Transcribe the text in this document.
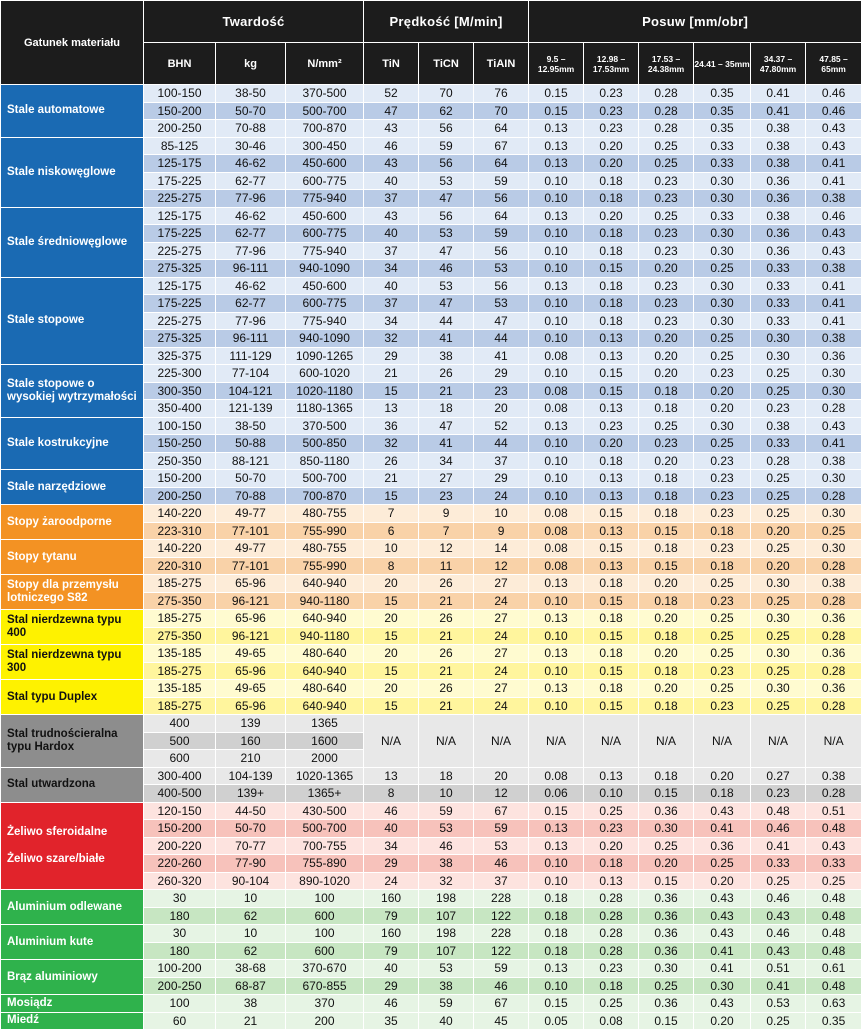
Gatunek materiału	Twardość			Prędkość [M/min]			Posuw [mm/obr]					
	BHN	kg	N/mm²	TiN	TiCN	TiAIN	9.5 – 12.95mm	12.98 – 17.53mm	17.53 – 24.38mm	24.41 – 35mm	34.37 – 47.80mm	47.85 – 65mm
Stale automatowe	100-150	38-50	370-500	52	70	76	0.15	0.23	0.28	0.35	0.41	0.46
	150-200	50-70	500-700	47	62	70	0.15	0.23	0.28	0.35	0.41	0.46
	200-250	70-88	700-870	43	56	64	0.13	0.23	0.28	0.35	0.38	0.43
Stale niskowęglowe	85-125	30-46	300-450	46	59	67	0.13	0.20	0.25	0.33	0.38	0.43
	125-175	46-62	450-600	43	56	64	0.13	0.20	0.25	0.33	0.38	0.41
	175-225	62-77	600-775	40	53	59	0.10	0.18	0.23	0.30	0.36	0.41
	225-275	77-96	775-940	37	47	56	0.10	0.18	0.23	0.30	0.36	0.38
Stale średniowęglowe	125-175	46-62	450-600	43	56	64	0.13	0.20	0.25	0.33	0.38	0.46
	175-225	62-77	600-775	40	53	59	0.10	0.18	0.23	0.30	0.36	0.43
	225-275	77-96	775-940	37	47	56	0.10	0.18	0.23	0.30	0.36	0.43
	275-325	96-111	940-1090	34	46	53	0.10	0.15	0.20	0.25	0.33	0.38
Stale stopowe	125-175	46-62	450-600	40	53	56	0.13	0.18	0.23	0.30	0.33	0.41
	175-225	62-77	600-775	37	47	53	0.10	0.18	0.23	0.30	0.33	0.41
	225-275	77-96	775-940	34	44	47	0.10	0.18	0.23	0.30	0.33	0.41
	275-325	96-111	940-1090	32	41	44	0.10	0.13	0.20	0.25	0.30	0.38
	325-375	111-129	1090-1265	29	38	41	0.08	0.13	0.20	0.25	0.30	0.36
Stale stopowe o wysokiej wytrzymałości	225-300	77-104	600-1020	21	26	29	0.10	0.15	0.20	0.23	0.25	0.30
	300-350	104-121	1020-1180	15	21	23	0.08	0.15	0.18	0.20	0.25	0.30
	350-400	121-139	1180-1365	13	18	20	0.08	0.13	0.18	0.20	0.23	0.28
Stale kostrukcyjne	100-150	38-50	370-500	36	47	52	0.13	0.23	0.25	0.30	0.38	0.43
	150-250	50-88	500-850	32	41	44	0.10	0.20	0.23	0.25	0.33	0.41
	250-350	88-121	850-1180	26	34	37	0.10	0.18	0.20	0.23	0.28	0.38
Stale narzędziowe	150-200	50-70	500-700	21	27	29	0.10	0.13	0.18	0.23	0.25	0.30
	200-250	70-88	700-870	15	23	24	0.10	0.13	0.18	0.23	0.25	0.28
Stopy żaroodporne	140-220	49-77	480-755	7	9	10	0.08	0.15	0.18	0.23	0.25	0.30
	223-310	77-101	755-990	6	7	9	0.08	0.13	0.15	0.18	0.20	0.25
Stopy tytanu	140-220	49-77	480-755	10	12	14	0.08	0.15	0.18	0.23	0.25	0.30
	220-310	77-101	755-990	8	11	12	0.08	0.13	0.15	0.18	0.20	0.28
Stopy dla przemysłu lotniczego S82	185-275	65-96	640-940	20	26	27	0.13	0.18	0.20	0.25	0.30	0.38
	275-350	96-121	940-1180	15	21	24	0.10	0.15	0.18	0.23	0.25	0.28
Stal nierdzewna typu 400	185-275	65-96	640-940	20	26	27	0.13	0.18	0.20	0.25	0.30	0.36
	275-350	96-121	940-1180	15	21	24	0.10	0.15	0.18	0.25	0.25	0.28
Stal nierdzewna typu 300	135-185	49-65	480-640	20	26	27	0.13	0.18	0.20	0.25	0.30	0.36
	185-275	65-96	640-940	15	21	24	0.10	0.15	0.18	0.23	0.25	0.28
Stal typu Duplex	135-185	49-65	480-640	20	26	27	0.13	0.18	0.20	0.25	0.30	0.36
	185-275	65-96	640-940	15	21	24	0.10	0.15	0.18	0.23	0.25	0.28
Stal trudnościeralna typu Hardox	400	139	1365	N/A	N/A	N/A	N/A	N/A	N/A	N/A	N/A	N/A
	500	160	1600									
	600	210	2000									
Stal utwardzona	300-400	104-139	1020-1365	13	18	20	0.08	0.13	0.18	0.20	0.27	0.38
	400-500	139+	1365+	8	10	12	0.06	0.10	0.15	0.18	0.23	0.28
Żeliwo sferoidalne
Żeliwo szare/białe	120-150	44-50	430-500	46	59	67	0.15	0.25	0.36	0.43	0.48	0.51
	150-200	50-70	500-700	40	53	59	0.13	0.23	0.30	0.41	0.46	0.48
	200-220	70-77	700-755	34	46	53	0.13	0.20	0.25	0.36	0.41	0.43
	220-260	77-90	755-890	29	38	46	0.10	0.18	0.20	0.25	0.33	0.33
	260-320	90-104	890-1020	24	32	37	0.10	0.13	0.15	0.20	0.25	0.25
Aluminium odlewane	30	10	100	160	198	228	0.18	0.28	0.36	0.43	0.46	0.48
	180	62	600	79	107	122	0.18	0.28	0.36	0.43	0.43	0.48
Aluminium kute	30	10	100	160	198	228	0.18	0.28	0.36	0.43	0.46	0.48
	180	62	600	79	107	122	0.18	0.28	0.36	0.41	0.43	0.48
Brąz aluminiowy	100-200	38-68	370-670	40	53	59	0.13	0.23	0.30	0.41	0.51	0.61
	200-250	68-87	670-855	29	38	46	0.10	0.18	0.25	0.30	0.41	0.48
Mosiądz	100	38	370	46	59	67	0.15	0.25	0.36	0.43	0.53	0.63
Miedź	60	21	200	35	40	45	0.05	0.08	0.15	0.20	0.25	0.35
